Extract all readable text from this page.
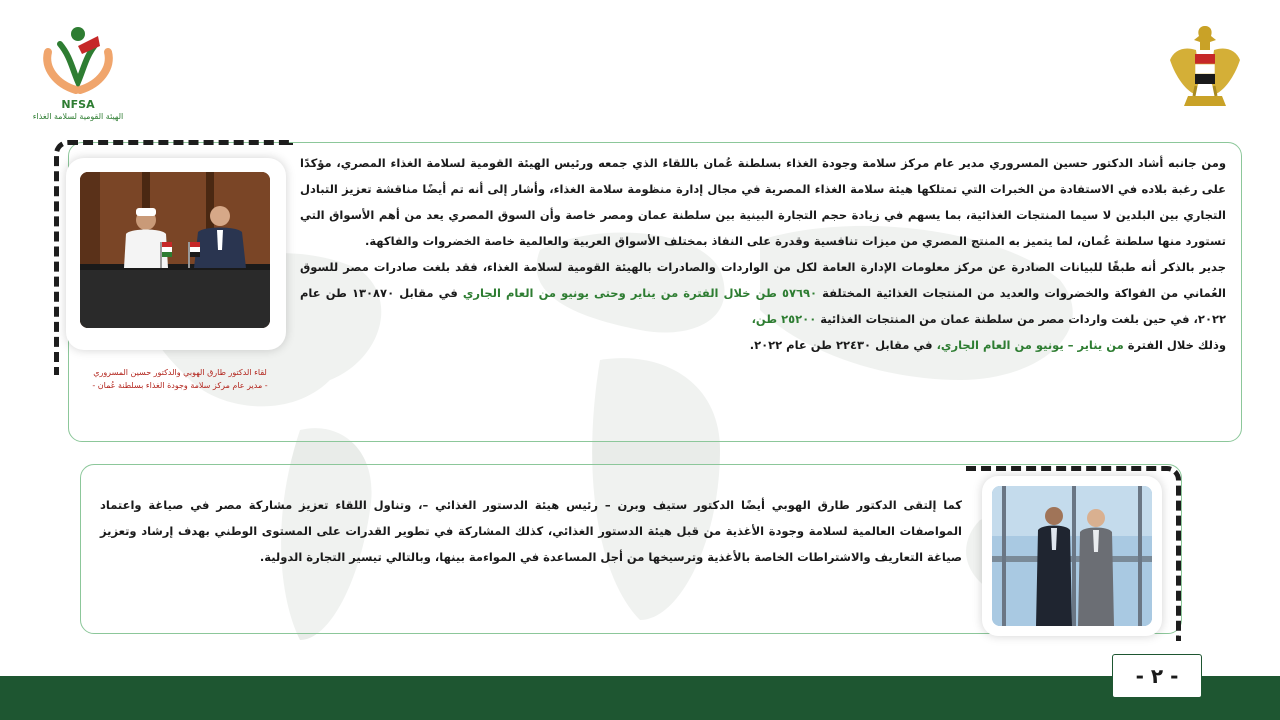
NFSA
الهيئة القومية لسلامة الغذاء
لقاء الدكتور طارق الهوبي والدكتور حسين المسروري
- مدير عام مركز سلامة وجودة الغذاء بسلطنة عُمان -

ومن جانبه أشاد الدكتور حسين المسروري مدير عام مركز سلامة وجودة الغذاء بسلطنة عُمان باللقاء الذي جمعه ورئيس الهيئة القومية لسلامة الغذاء المصري، مؤكدًا على رغبة بلاده في الاستفادة من الخبرات التي تمتلكها هيئة سلامة الغذاء المصرية في مجال إدارة منظومة سلامة الغذاء، وأشار إلى أنه تم أيضًا مناقشة تعزيز التبادل التجاري بين البلدين لا سيما المنتجات الغذائية، بما يسهم في زيادة حجم التجارة البينية بين سلطنة عمان ومصر خاصة وأن السوق المصري يعد من أهم الأسواق التي تستورد منها سلطنة عُمان، لما يتميز به المنتج المصري من ميزات تنافسية وقدرة على النفاذ بمختلف الأسواق العربية والعالمية خاصة الخضروات والفاكهة.

جدير بالذكر أنه طبقًا للبيانات الصادرة عن مركز معلومات الإدارة العامة لكل من الواردات والصادرات بالهيئة القومية لسلامة الغذاء، فقد بلغت صادرات مصر للسوق العُماني من الفواكة والخضروات والعديد من المنتجات الغذائية المختلفة ٥٧٦٩٠ طن خلال الفترة من يناير وحتى يونيو من العام الجاري في مقابل ١٣٠٨٧٠ طن عام ٢٠٢٢، في حين بلغت واردات مصر من سلطنة عمان من المنتجات الغذائية ٢٥٢٠٠ طن،

وذلك خلال الفترة من يناير – يونيو من العام الجاري، في مقابل ٢٢٤٣٠ طن عام ٢٠٢٢.

كما إلتقى الدكتور طارق الهوبي أيضًا الدكتور ستيف وبرن – رئيس هيئة الدستور الغذائي –، وتناول اللقاء تعزيز مشاركة مصر في صياغة واعتماد المواصفات العالمية لسلامة وجودة الأغذية من قبل هيئة الدستور الغذائي، كذلك المشاركة في تطوير القدرات على المستوى الوطني بهدف إرشاد وتعزيز صياغة التعاريف والاشتراطات الخاصة بالأغذية وترسيخها من أجل المساعدة في المواءمة بينها، وبالتالي تيسير التجارة الدولية.

- ٢ -
